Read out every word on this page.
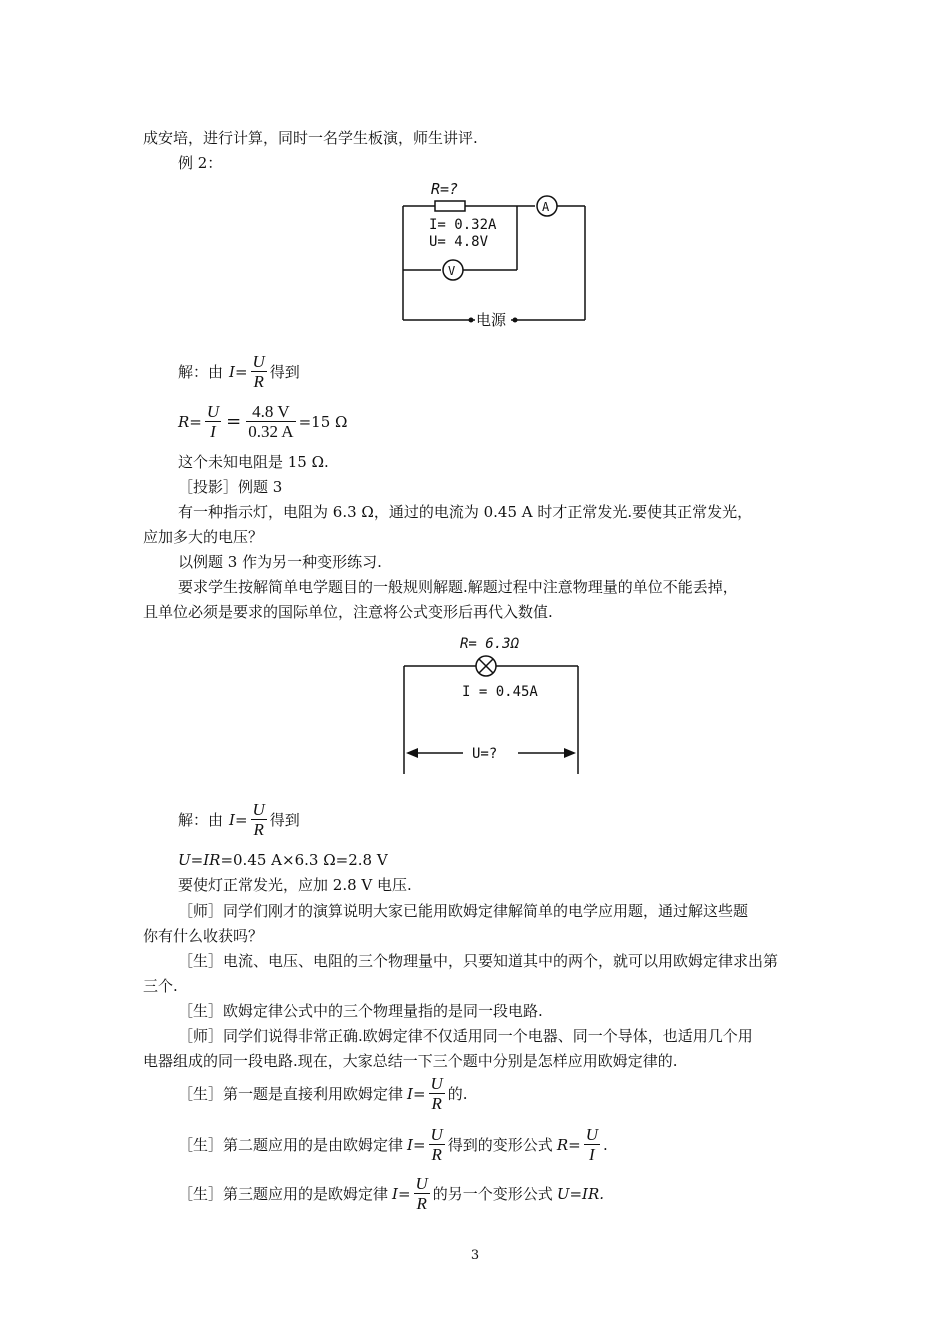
成安培，进行计算，同时一名学生板演，师生讲评.
例 2：
R=?
I= 0.32A
U= 4.8V
A
V
电源
解：由 $I= \frac{U}{R}$ 得到
$R= \frac{U}{I} = \frac{4.8 V}{0.32 A} =15$ Ω
这个未知电阻是 15 Ω.
［投影］例题 3
有一种指示灯，电阻为 6.3 Ω，通过的电流为 0.45 A 时才正常发光.要使其正常发光，
应加多大的电压？
以例题 3 作为另一种变形练习.
要求学生按解简单电学题目的一般规则解题.解题过程中注意物理量的单位不能丢掉，
且单位必须是要求的国际单位，注意将公式变形后再代入数值.
R= 6.3Ω
I = 0.45A
U=?
解：由 $I= \frac{U}{R}$ 得到
U=IR=0.45 A×6.3 Ω=2.8 V
要使灯正常发光，应加 2.8 V 电压.
［师］同学们刚才的演算说明大家已能用欧姆定律解简单的电学应用题，通过解这些题
你有什么收获吗？
［生］电流、电压、电阻的三个物理量中，只要知道其中的两个，就可以用欧姆定律求出第
三个.
［生］欧姆定律公式中的三个物理量指的是同一段电路.
［师］同学们说得非常正确.欧姆定律不仅适用同一个电器、同一个导体，也适用几个用
电器组成的同一段电路.现在，大家总结一下三个题中分别是怎样应用欧姆定律的.
［生］第一题是直接利用欧姆定律 $I= \frac{U}{R}$ 的.
［生］第二题应用的是由欧姆定律 $I= \frac{U}{R}$ 得到的变形公式 $R= \frac{U}{I}$ .
［生］第三题应用的是欧姆定律 $I= \frac{U}{R}$ 的另一个变形公式 U=IR.
3
